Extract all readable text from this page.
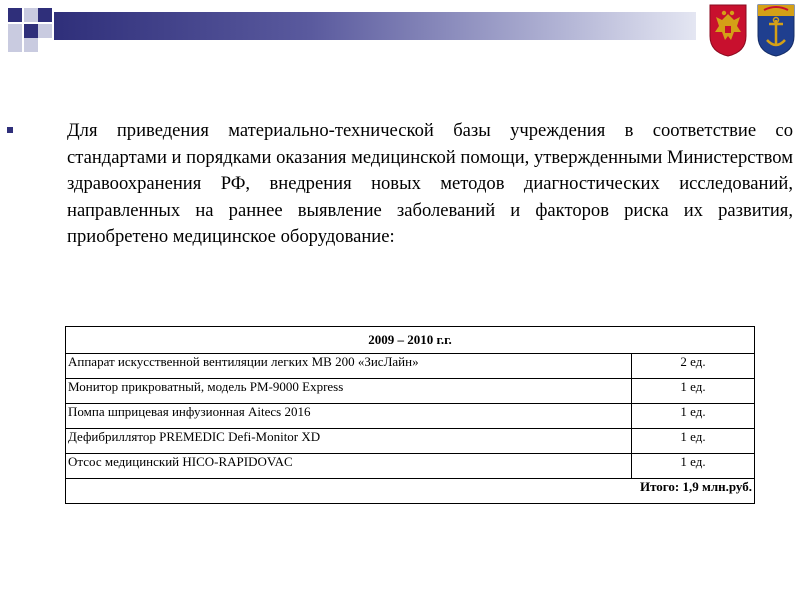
Для приведения материально-технической базы учреждения в соответствие со стандартами и порядками оказания медицинской помощи, утвержденными Министерством здравоохранения РФ, внедрения новых методов диагностических исследований, направленных на раннее выявление заболеваний и факторов риска их развития, приобретено медицинское оборудование:
2009 – 2010 г.г.	
Аппарат искусственной вентиляции легких MB 200 «ЗисЛайн»	2 ед.
Монитор прикроватный, модель РМ-9000 Express	1 ед.
Помпа шприцевая инфузионная Aitecs 2016	1 ед.
Дефибриллятор PREMEDIC Defi-Monitor XD	1 ед.
Отсос медицинский HICO-RAPIDOVAC	1 ед.
Итого: 1,9 млн.руб.	
